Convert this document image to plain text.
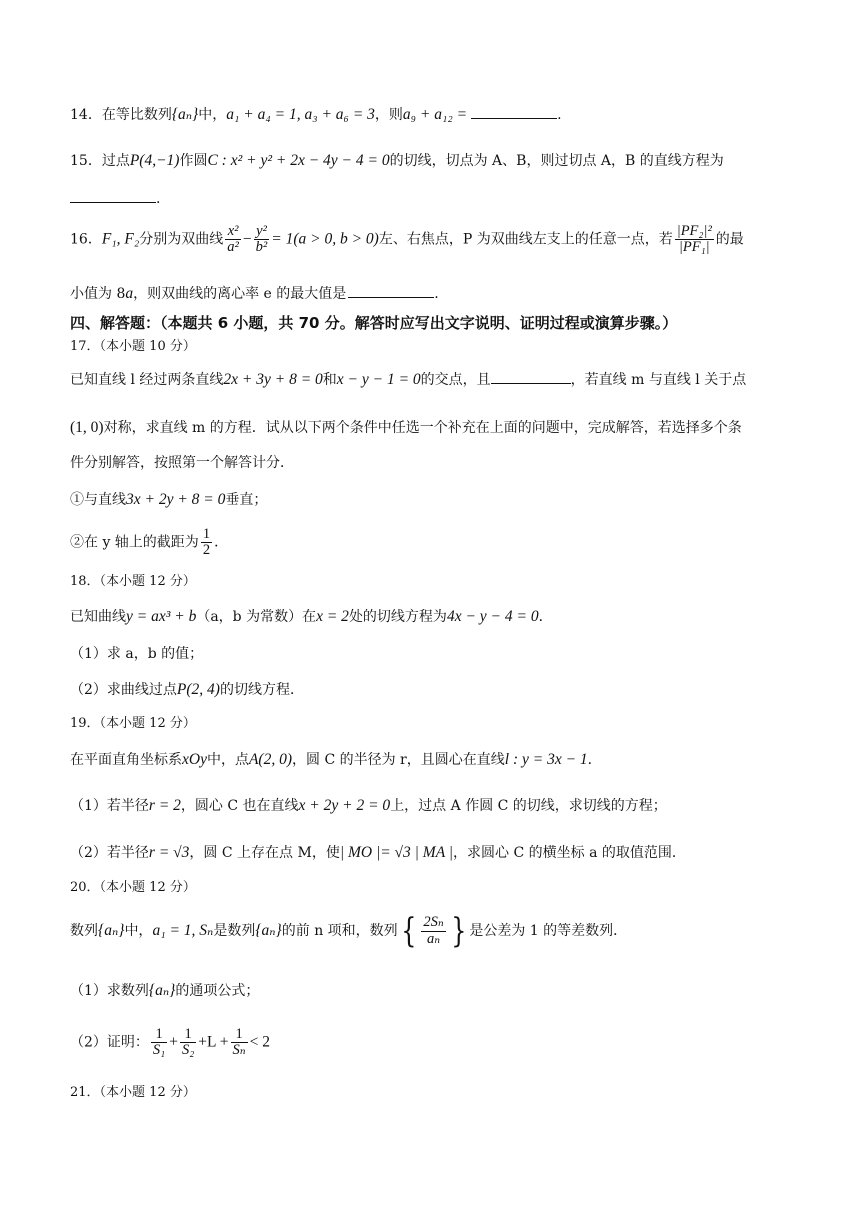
14．在等比数列{aₙ}中，a₁ + a₄ = 1, a₃ + a₆ = 3，则a₉ + a₁₂ =	.
15．过点P(4,−1)作圆C : x² + y² + 2x − 4y − 4 = 0的切线，切点为 A、B，则过切点 A，B 的直线方程为
.
16．F₁, F₂分别为双曲线 $\frac{\text{x²}}{\text{a²}} - \frac{\text{y²}}{\text{b²}} = 1(a > 0$, b > 0)左、右焦点，P 为双曲线左支上的任意一点，若 $\frac{\text{|PF₂|²}}{\text{|PF₁|}}$ 的最
小值为 8a，则双曲线的离心率 e 的最大值是	.
四、解答题：（本题共 6 小题，共 70 分。解答时应写出文字说明、证明过程或演算步骤。）
17．（本小题 10 分）
已知直线 l 经过两条直线2x + 3y + 8 = 0和x − y − 1 = 0的交点，且	，若直线 m 与直线 l 关于点
(1, 0)对称，求直线 m 的方程．试从以下两个条件中任选一个补充在上面的问题中，完成解答，若选择多个条
件分别解答，按照第一个解答计分．
①与直线3x + 2y + 8 = 0垂直；
②在 y 轴上的截距为 $\frac{1}{2}$ ．
18．（本小题 12 分）
已知曲线y = ax³ + b（a，b 为常数）在x = 2处的切线方程为4x − y − 4 = 0．
（1）求 a，b 的值；
（2）求曲线过点P(2, 4)的切线方程．
19．（本小题 12 分）
在平面直角坐标系xOy中，点A(2, 0)，圆 C 的半径为 r，且圆心在直线l : y = 3x − 1．
（1）若半径r = 2，圆心 C 也在直线x + 2y + 2 = 0上，过点 A 作圆 C 的切线，求切线的方程；
（2）若半径r = √3，圆 C 上存在点 M，使| MO |= √3 | MA |，求圆心 C 的横坐标 a 的取值范围．
20．（本小题 12 分）
数列{aₙ}中，a₁ = 1, Sₙ是数列{aₙ}的前 n 项和，数列{ $\frac{\text{2Sₙ}}{\text{aₙ}}$ } 是公差为 1 的等差数列．
（1）求数列{aₙ}的通项公式；
（2）证明： $\frac{1}{\text{S₁}} + \frac{1}{\text{S₂}} +L + \frac{1}{\text{Sₙ}} < 2$
21．（本小题 12 分）
